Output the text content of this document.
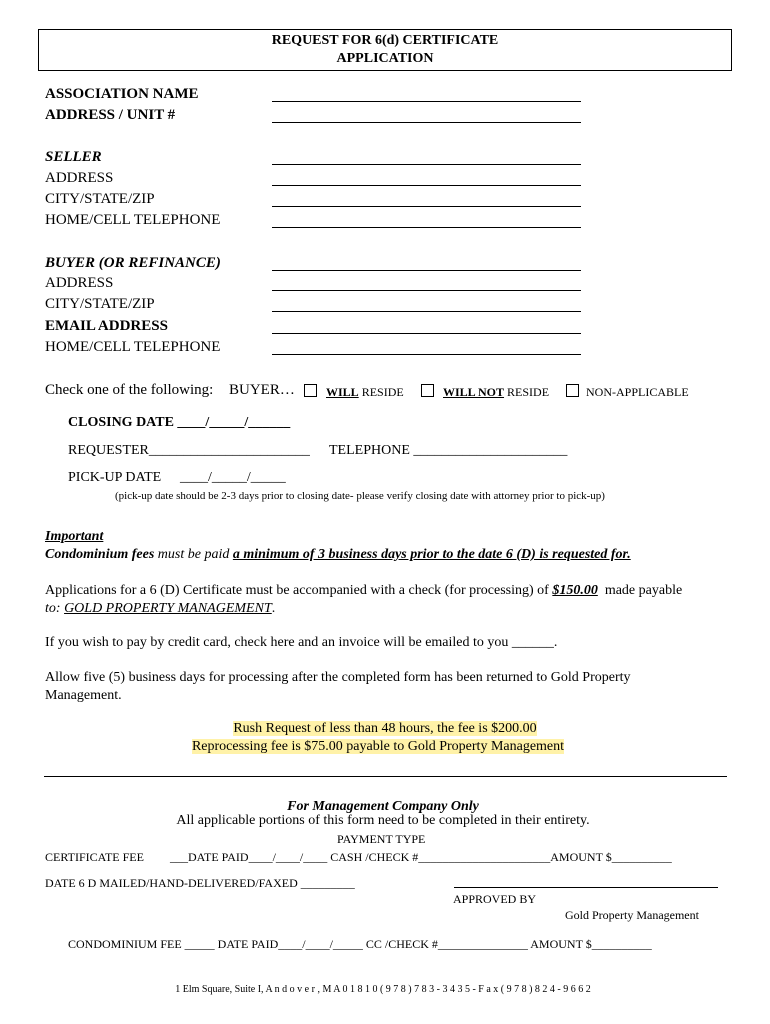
REQUEST FOR 6(d) CERTIFICATE
APPLICATION
ASSOCIATION NAME
ADDRESS / UNIT #
SELLER
ADDRESS
CITY/STATE/ZIP
HOME/CELL TELEPHONE
BUYER (OR REFINANCE)
ADDRESS
CITY/STATE/ZIP
EMAIL ADDRESS
HOME/CELL TELEPHONE
Check one of the following: BUYER…	WILL RESIDE	WILL NOT RESIDE	NON-APPLICABLE
CLOSING DATE ____/_____/______
REQUESTER_______________________ TELEPHONE ______________________
PICK-UP DATE ____/_____/_____
(pick-up date should be 2-3 days prior to closing date- please verify closing date with attorney prior to pick-up)
Important
Condominium fees must be paid a minimum of 3 business days prior to the date 6 (D) is requested for.

Applications for a 6 (D) Certificate must be accompanied with a check (for processing) of $150.00 made payable
to: GOLD PROPERTY MANAGEMENT.

If you wish to pay by credit card, check here and an invoice will be emailed to you ______.

Allow five (5) business days for processing after the completed form has been returned to Gold Property
Management.

Rush Request of less than 48 hours, the fee is $200.00
Reprocessing fee is $75.00 payable to Gold Property Management
For Management Company Only
All applicable portions of this form need to be completed in their entirety.
PAYMENT TYPE
CERTIFICATE FEE ___DATE PAID____/____/____ CASH /CHECK #______________________AMOUNT $__________
DATE 6 D MAILED/HAND-DELIVERED/FAXED _________
APPROVED BY
Gold Property Management
CONDOMINIUM FEE _____ DATE PAID____/____/_____ CC /CHECK #_______________ AMOUNT $__________
1 Elm Square, Suite I, A n d o v e r , M A 0 1 8 1 0 ( 9 7 8 ) 7 8 3 - 3 4 3 5 - F a x ( 9 7 8 ) 8 2 4 - 9 6 6 2
